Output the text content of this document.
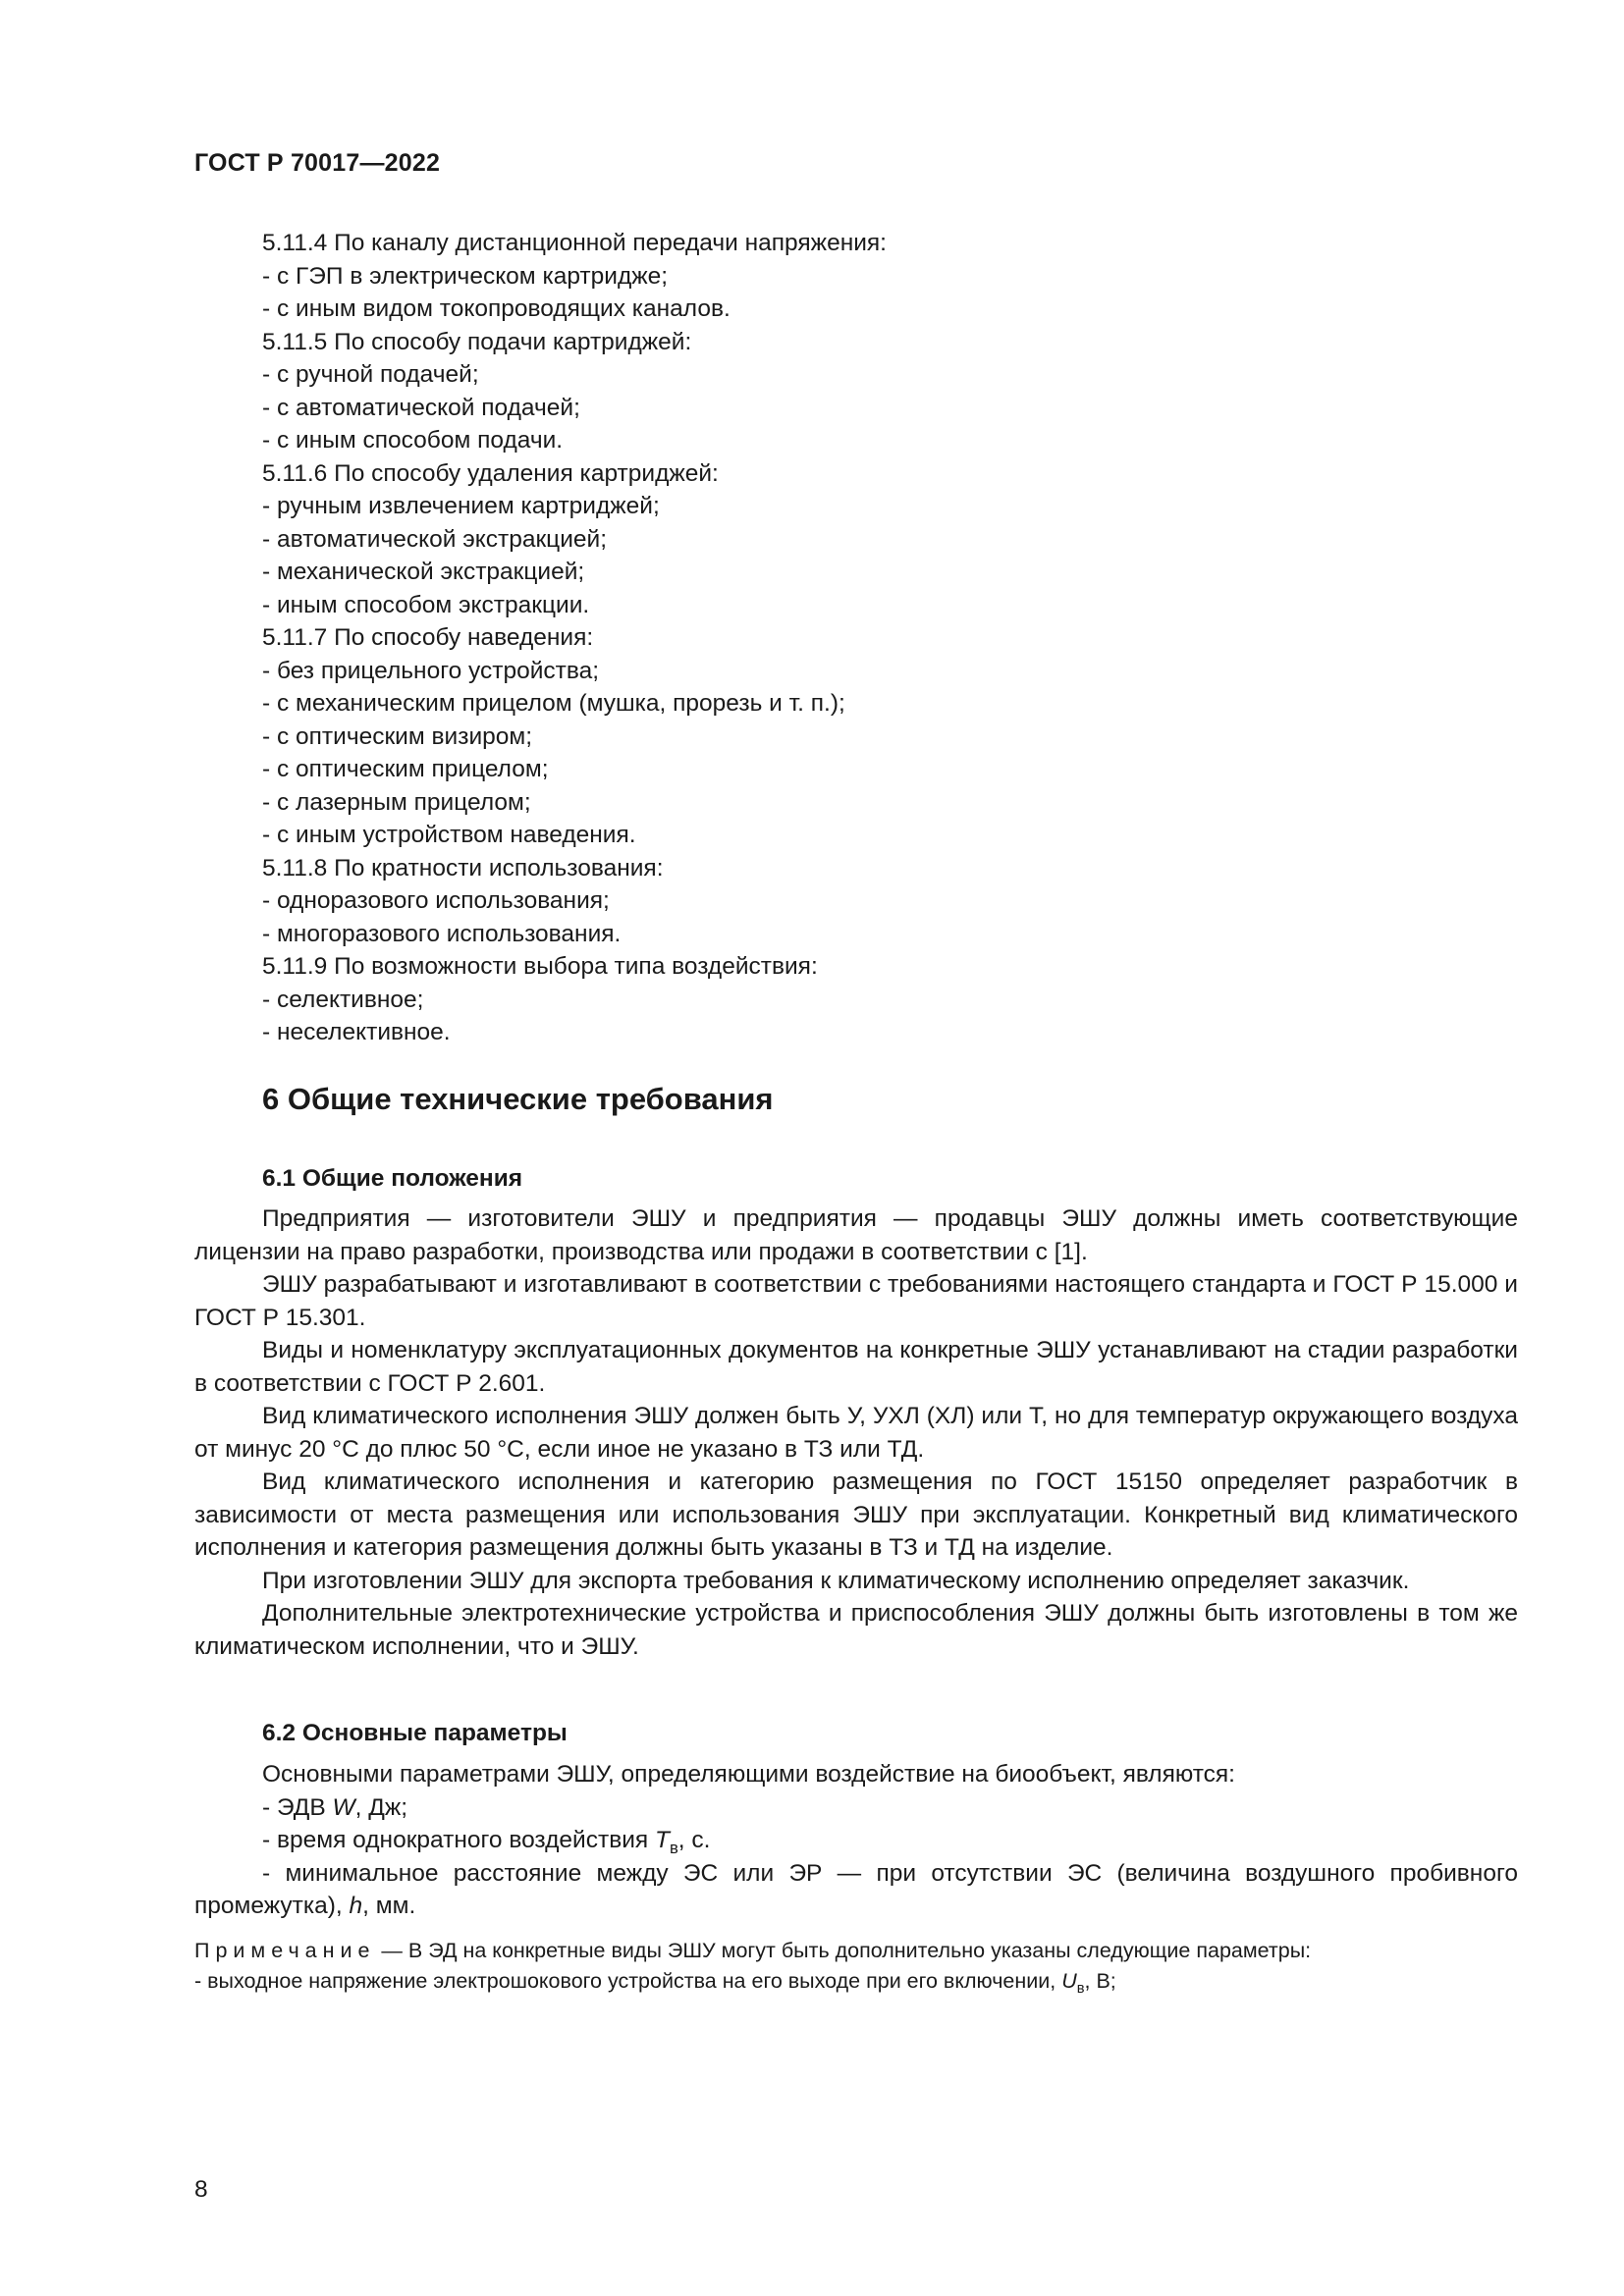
ГОСТ Р 70017—2022
5.11.4 По каналу дистанционной передачи напряжения:
- с ГЭП в электрическом картридже;
- с иным видом токопроводящих каналов.
5.11.5 По способу подачи картриджей:
- с ручной подачей;
- с автоматической подачей;
- с иным способом подачи.
5.11.6 По способу удаления картриджей:
- ручным извлечением картриджей;
- автоматической экстракцией;
- механической экстракцией;
- иным способом экстракции.
5.11.7 По способу наведения:
- без прицельного устройства;
- с механическим прицелом (мушка, прорезь и т. п.);
- с оптическим визиром;
- с оптическим прицелом;
- с лазерным прицелом;
- с иным устройством наведения.
5.11.8 По кратности использования:
- одноразового использования;
- многоразового использования.
5.11.9 По возможности выбора типа воздействия:
- селективное;
- неселективное.
6 Общие технические требования
6.1 Общие положения

Предприятия — изготовители ЭШУ и предприятия — продавцы ЭШУ должны иметь соответствующие лицензии на право разработки, производства или продажи в соответствии с [1].

ЭШУ разрабатывают и изготавливают в соответствии с требованиями настоящего стандарта и ГОСТ Р 15.000 и ГОСТ Р 15.301.

Виды и номенклатуру эксплуатационных документов на конкретные ЭШУ устанавливают на стадии разработки в соответствии с ГОСТ Р 2.601.

Вид климатического исполнения ЭШУ должен быть У, УХЛ (ХЛ) или Т, но для температур окружающего воздуха от минус 20 °С до плюс 50 °С, если иное не указано в ТЗ или ТД.

Вид климатического исполнения и категорию размещения по ГОСТ 15150 определяет разработчик в зависимости от места размещения или использования ЭШУ при эксплуатации. Конкретный вид климатического исполнения и категория размещения должны быть указаны в ТЗ и ТД на изделие.

При изготовлении ЭШУ для экспорта требования к климатическому исполнению определяет заказчик.

Дополнительные электротехнические устройства и приспособления ЭШУ должны быть изготовлены в том же климатическом исполнении, что и ЭШУ.

6.2 Основные параметры

Основными параметрами ЭШУ, определяющими воздействие на биообъект, являются:

- ЭДВ W, Дж;

- время однократного воздействия $T_в$, с.

- минимальное расстояние между ЭС или ЭР — при отсутствии ЭС (величина воздушного пробивного промежутка), h, мм.

Примечание — В ЭД на конкретные виды ЭШУ могут быть дополнительно указаны следующие параметры:

- выходное напряжение электрошокового устройства на его выходе при его включении, $U_в$, В;

8
